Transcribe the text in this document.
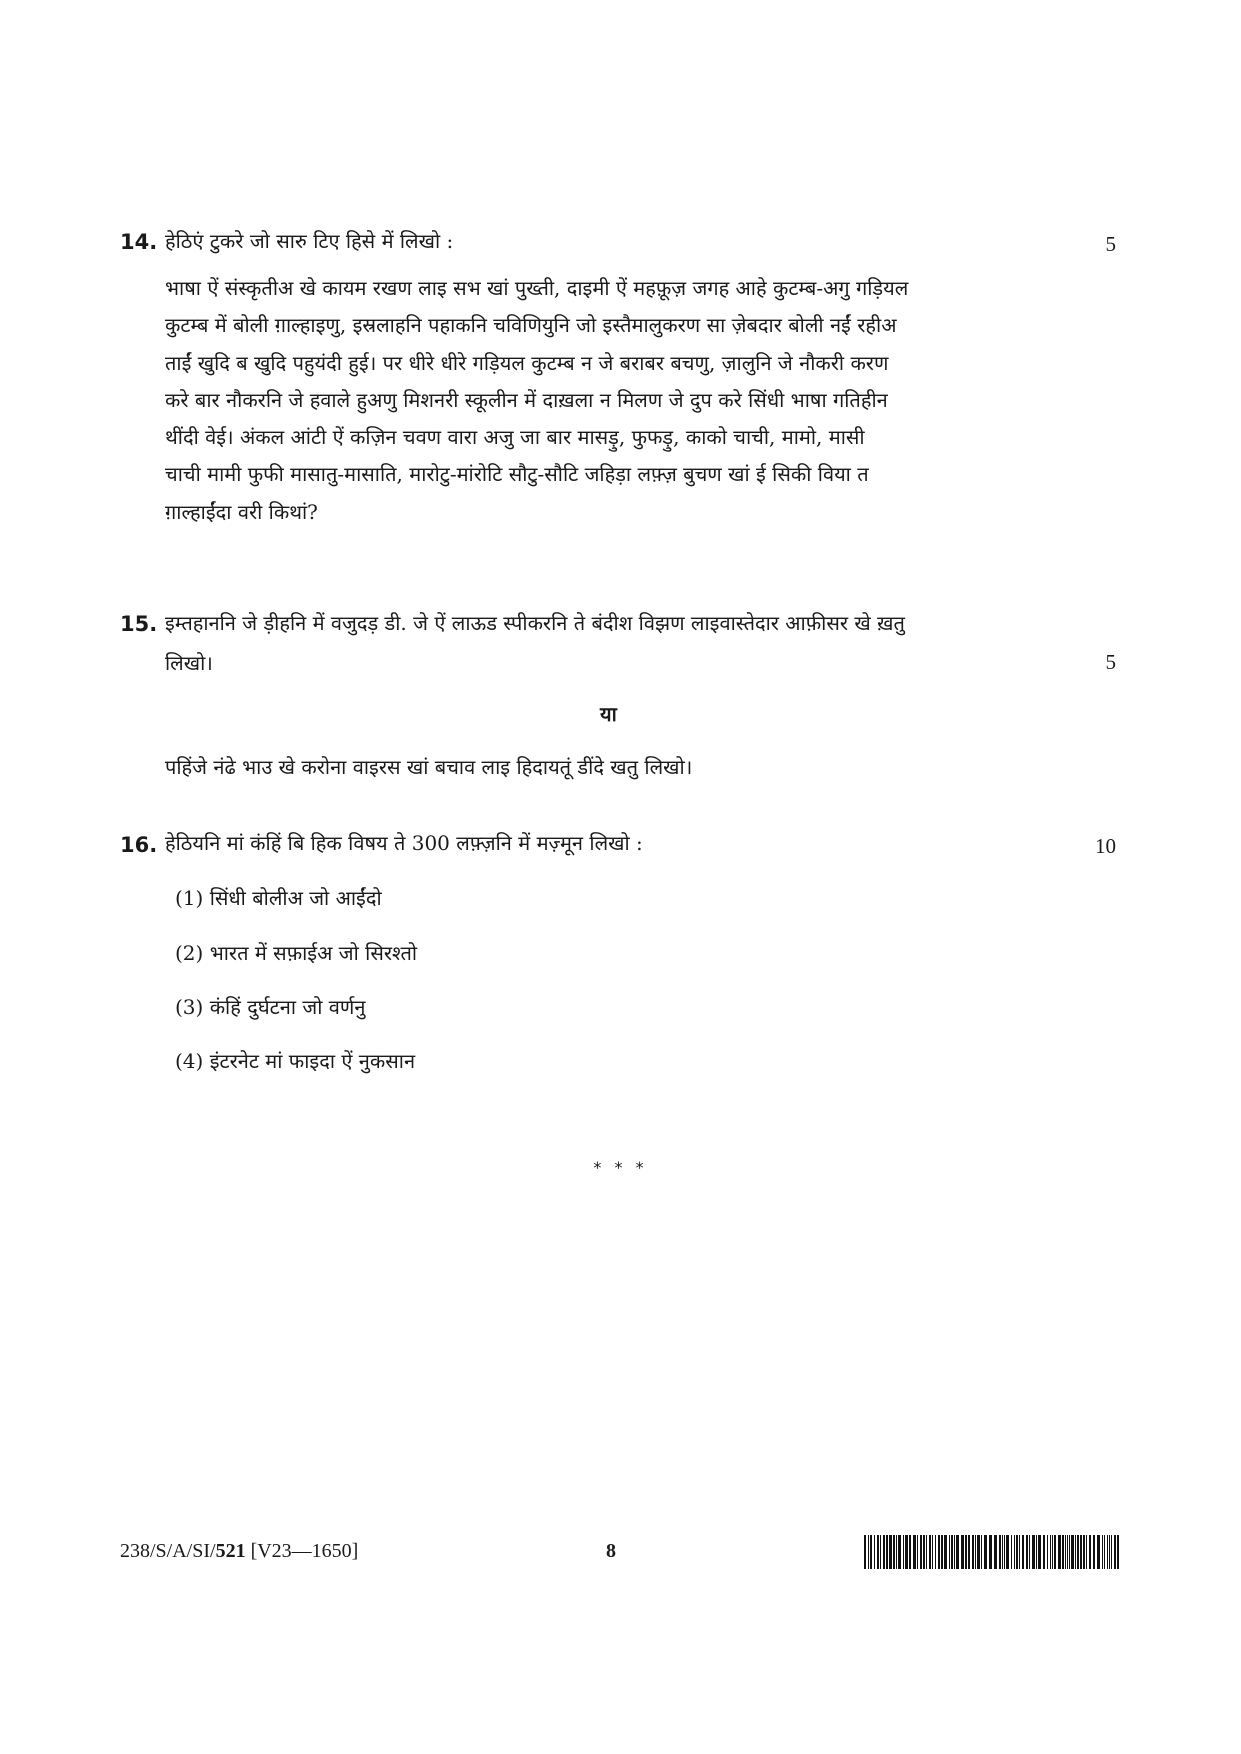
14. हेठिएं टुकरे जो सारु टिए हिसे में लिखो :	5
भाषा ऐं संस्कृतीअ खे कायम रखण लाइ सभ खां पुख्ती, दाइमी ऐं महफ़ूज़ जगह आहे कुटम्ब-अगु गड़ियल
कुटम्ब में बोली ग़ाल्हाइणु, इस्रलाहनि पहाकनि चविणियुनि जो इस्तैमालुकरण सा ज़ेबदार बोली नईं रहीअ
ताईं खुदि ब खुदि पहुयंदी हुई। पर धीरे धीरे गड़ियल कुटम्ब न जे बराबर बचणु, ज़ालुनि जे नौकरी करण
करे बार नौकरनि जे हवाले हुअणु मिशनरी स्कूलीन में दाख़ला न मिलण जे दुप करे सिंधी भाषा गतिहीन
थींदी वेई। अंकल आंटी ऐं कज़िन चवण वारा अजु जा बार मासड़ु, फुफड़ु, काको चाची, मामो, मासी
चाची मामी फुफी मासातु-मासाति, मारोटु-मांरोटि सौटु-सौटि जहिड़ा लफ़्ज़ बुचण खां ई सिकी विया त
ग़ाल्हाईंदा वरी किथां?
15. इम्तहाननि जे ड़ीहनि में वजुदड़ डी. जे ऐं लाऊड स्पीकरनि ते बंदीश विझण लाइवास्तेदार आफ़ीसर खे ख़तु
लिखो।	5
या
पहिंजे नंढे भाउ खे करोना वाइरस खां बचाव लाइ हिदायतूं डींदे खतु लिखो।
16. हेठियनि मां कंहिं बि हिक विषय ते 300 लफ़्ज़नि में मज़्मून लिखो :	10
(1) सिंधी बोलीअ जो आईंदो
(2) भारत में सफ़ाईअ जो सिरश्तो
(3) कंहिं दुर्घटना जो वर्णनु
(4) इंटरनेट मां फाइदा ऐं नुकसान
* * *
238/S/A/SI/521 [V23—1650]	8
